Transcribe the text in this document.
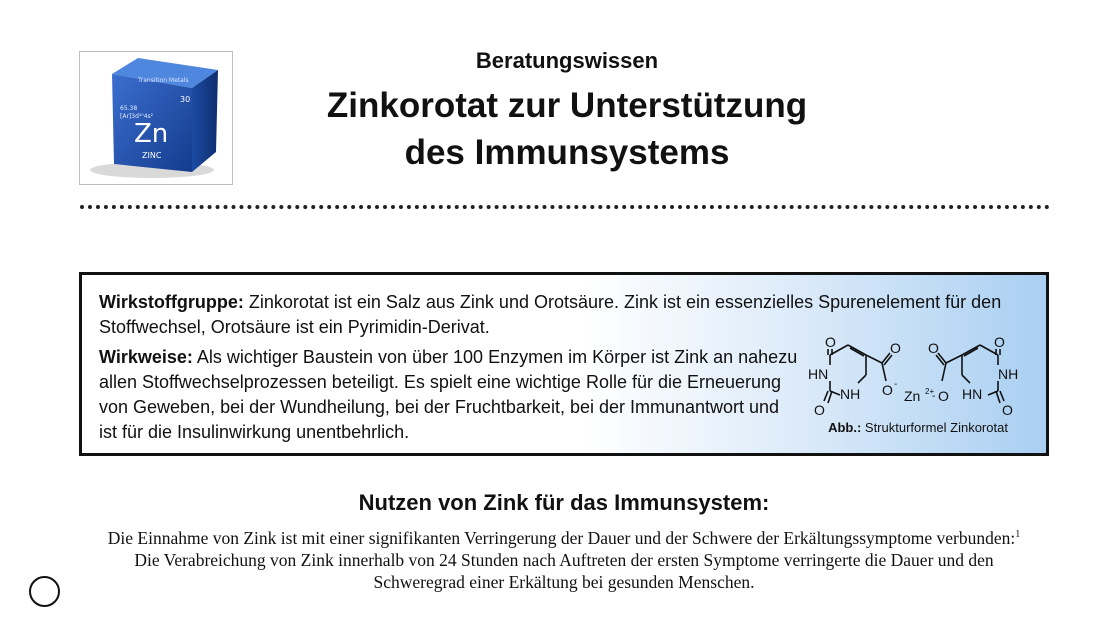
Transition Metals
30
65.38
[Ar]3d¹⁰4s²
Zn
ZINC
Beratungswissen
Zinkorotat zur Unterstützung
des Immunsystems

Wirkstoffgruppe: Zinkorotat ist ein Salz aus Zink und Orotsäure. Zink ist ein essenzielles Spurenelement für den Stoffwechsel, Orotsäure ist ein Pyrimidin-Derivat.

Wirkweise: Als wichtiger Baustein von über 100 Enzymen im Körper ist Zink an nahezu allen Stoffwechselprozessen beteiligt. Es spielt eine wichtige Rolle für die Erneuerung von Geweben, bei der Wundheilung, bei der Fruchtbarkeit, bei der Immunantwort und ist für die Insulinwirkung unentbehrlich.

O
HN
NH
O
O
O -
Zn 2+
- O
O	O
NH
HN
O
Abb.: Strukturformel Zinkorotat
Nutzen von Zink für das Immunsystem:

Die Einnahme von Zink ist mit einer signifikanten Verringerung der Dauer und der Schwere der Erkältungssymptome verbunden:$^1$ Die Verabreichung von Zink innerhalb von 24 Stunden nach Auftreten der ersten Symptome verringerte die Dauer und den Schweregrad einer Erkältung bei gesunden Menschen.
